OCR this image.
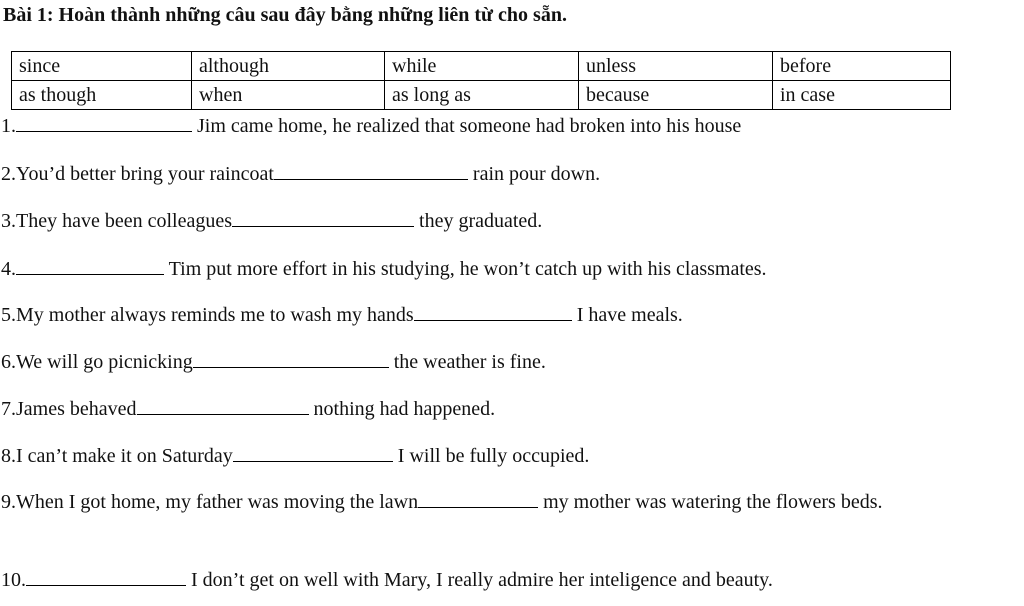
Bài 1: Hoàn thành những câu sau đây bằng những liên từ cho sẵn.
since	although	while	unless	before
as though	when	as long as	because	in case
1.	Jim came home, he realized that someone had broken into his house
2.You’d better bring your raincoat	rain pour down.
3.They have been colleagues	they graduated.
4.	Tim put more effort in his studying, he won’t catch up with his classmates.
5.My mother always reminds me to wash my hands	I have meals.
6.We will go picnicking	the weather is fine.
7.James behaved	nothing had happened.
8.I can’t make it on Saturday	I will be fully occupied.
9.When I got home, my father was moving the lawn	my mother was watering the flowers beds.
10.	I don’t get on well with Mary, I really admire her inteligence and beauty.
